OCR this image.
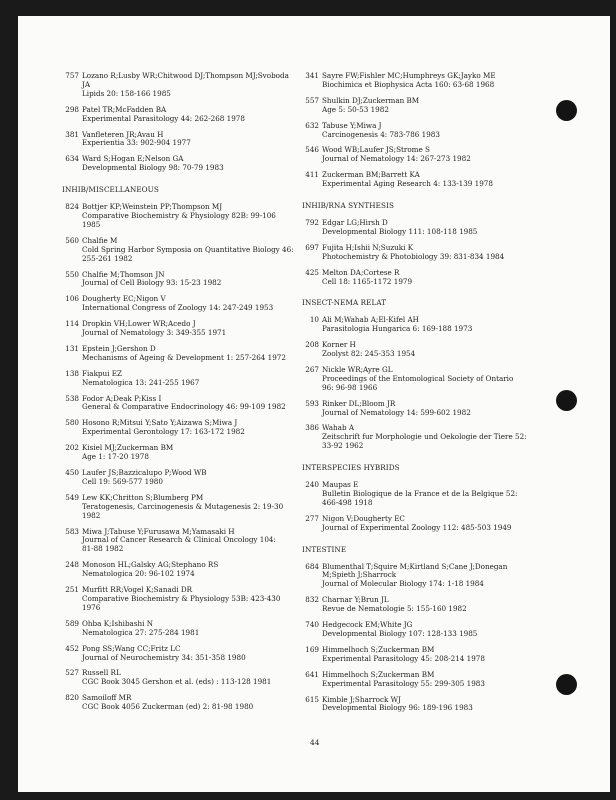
757 Lozano R;Lusby WR;Chitwood DJ;Thompson MJ;Svoboda
JA
Lipids 20: 158-166 1985
298 Patel TR;McFadden BA
Experimental Parasitology 44: 262-268 1978
381 Vanfleteren JR;Avau H
Experientia 33: 902-904 1977
634 Ward S;Hogan E;Nelson GA
Developmental Biology 98: 70-79 1983
INHIB/MISCELLANEOUS
824 Bottjer KP;Weinstein PP;Thompson MJ
Comparative Biochemistry & Physiology 82B: 99-106
1985
560 Chalfie M
Cold Spring Harbor Symposia on Quantitative Biology 46:
255-261 1982
550 Chalfie M;Thomson JN
Journal of Cell Biology 93: 15-23 1982
106 Dougherty EC;Nigon V
International Congress of Zoology 14: 247-249 1953
114 Dropkin VH;Lower WR;Acedo J
Journal of Nematology 3: 349-355 1971
131 Epstein J;Gershon D
Mechanisms of Ageing & Development 1: 257-264 1972
138 Fiakpui EZ
Nematologica 13: 241-255 1967
538 Fodor A;Deak P;Kiss I
General & Comparative Endocrinology 46: 99-109 1982
580 Hosono R;Mitsui Y;Sato Y;Aizawa S;Miwa J
Experimental Gerontology 17: 163-172 1982
202 Kisiel MJ;Zuckerman BM
Age 1: 17-20 1978
450 Laufer JS;Bazzicalupo P;Wood WB
Cell 19: 569-577 1980
549 Lew KK;Chritton S;Blumberg PM
Teratogenesis, Carcinogenesis & Mutagenesis 2: 19-30
1982
583 Miwa J;Tabuse Y;Furusawa M;Yamasaki H
Journal of Cancer Research & Clinical Oncology 104:
81-88 1982
248 Monoson HL;Galsky AG;Stephano RS
Nematologica 20: 96-102 1974
251 Murfitt RR;Vogel K;Sanadi DR
Comparative Biochemistry & Physiology 53B: 423-430
1976
589 Ohba K;Ishibashi N
Nematologica 27: 275-284 1981
452 Pong SS;Wang CC;Fritz LC
Journal of Neurochemistry 34: 351-358 1980
527 Russell RL
CGC Book 3045 Gershon et al. (eds) : 113-128 1981
820 Samoiloff MR
CGC Book 4056 Zuckerman (ed) 2: 81-98 1980
341 Sayre FW;Fishler MC;Humphreys GK;Jayko ME
Biochimica et Biophysica Acta 160: 63-68 1968
557 Shulkin DJ;Zuckerman BM
Age 5: 50-53 1982
632 Tabuse Y;Miwa J
Carcinogenesis 4: 783-786 1983
546 Wood WB;Laufer JS;Strome S
Journal of Nematology 14: 267-273 1982
411 Zuckerman BM;Barrett KA
Experimental Aging Research 4: 133-139 1978
INHIB/RNA SYNTHESIS
792 Edgar LG;Hirsh D
Developmental Biology 111: 108-118 1985
697 Fujita H;Ishii N;Suzuki K
Photochemistry & Photobiology 39: 831-834 1984
425 Melton DA;Cortese R
Cell 18: 1165-1172 1979
INSECT-NEMA RELAT
10 Ali M;Wahab A;El-Kifel AH
Parasitologia Hungarica 6: 169-188 1973
208 Korner H
Zoolyst 82: 245-353 1954
267 Nickle WR;Ayre GL
Proceedings of the Entomological Society of Ontario
96: 96-98 1966
593 Rinker DL;Bloom JR
Journal of Nematology 14: 599-602 1982
386 Wahab A
Zeitschrift fur Morphologie und Oekologie der Tiere 52:
33-92 1962
INTERSPECIES HYBRIDS
240 Maupas E
Bulletin Biologique de la France et de la Belgique 52:
466-498 1918
277 Nigon V;Dougherty EC
Journal of Experimental Zoology 112: 485-503 1949
INTESTINE
684 Blumenthal T;Squire M;Kirtland S;Cane J;Donegan
M;Spieth J;Sharrock
Journal of Molecular Biology 174: 1-18 1984
832 Charnar Y;Brun JL
Revue de Nematologie 5: 155-160 1982
740 Hedgecock EM;White JG
Developmental Biology 107: 128-133 1985
169 Himmelhoch S;Zuckerman BM
Experimental Parasitology 45: 208-214 1978
641 Himmelhoch S;Zuckerman BM
Experimental Parasitology 55: 299-305 1983
615 Kimble J;Sharrock WJ
Developmental Biology 96: 189-196 1983
44
